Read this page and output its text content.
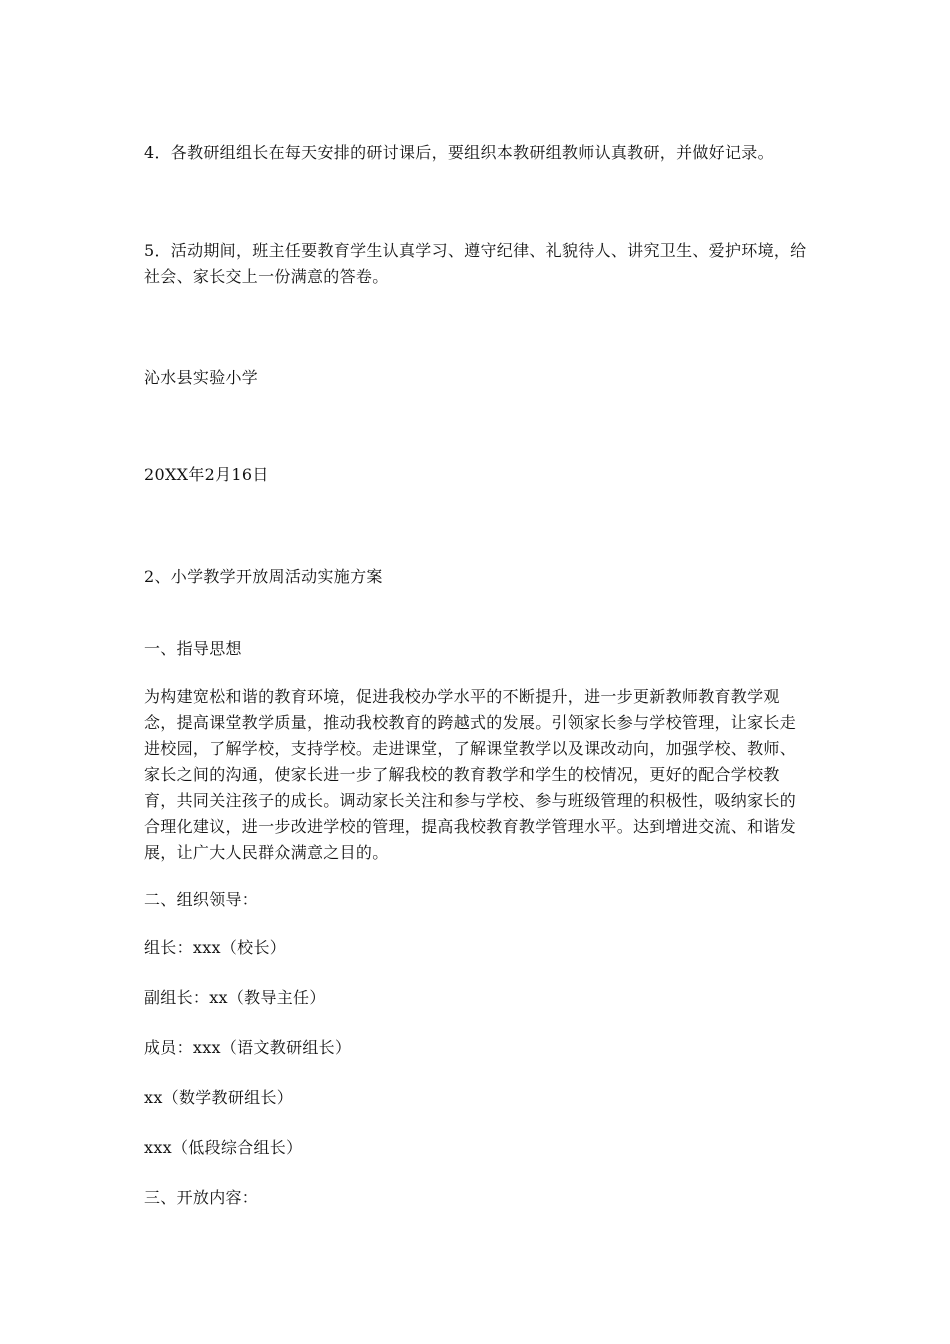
4．各教研组组长在每天安排的研讨课后，要组织本教研组教师认真教研，并做好记录。

5．活动期间，班主任要教育学生认真学习、遵守纪律、礼貌待人、讲究卫生、爱护环境，给社会、家长交上一份满意的答卷。

沁水县实验小学

20XX年2月16日

2、小学教学开放周活动实施方案

一、指导思想

为构建宽松和谐的教育环境，促进我校办学水平的不断提升，进一步更新教师教育教学观念，提高课堂教学质量，推动我校教育的跨越式的发展。引领家长参与学校管理，让家长走进校园，了解学校，支持学校。走进课堂，了解课堂教学以及课改动向，加强学校、教师、家长之间的沟通，使家长进一步了解我校的教育教学和学生的校情况，更好的配合学校教育，共同关注孩子的成长。调动家长关注和参与学校、参与班级管理的积极性，吸纳家长的合理化建议，进一步改进学校的管理，提高我校教育教学管理水平。达到增进交流、和谐发展，让广大人民群众满意之目的。

二、组织领导：

组长：xxx（校长）

副组长：xx（教导主任）

成员：xxx（语文教研组长）

xx（数学教研组长）

xxx（低段综合组长）

三、开放内容：
